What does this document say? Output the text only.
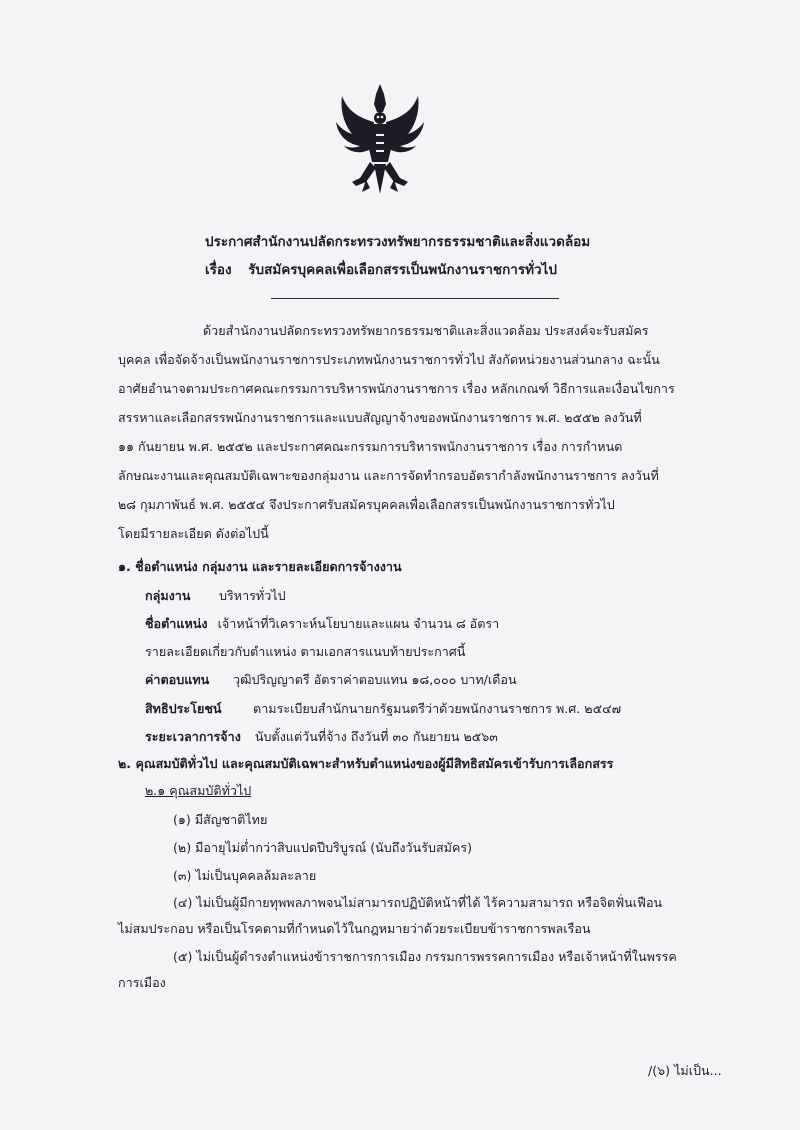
ประกาศสำนักงานปลัดกระทรวงทรัพยากรธรรมชาติและสิ่งแวดล้อม
เรื่อง รับสมัครบุคคลเพื่อเลือกสรรเป็นพนักงานราชการทั่วไป
ด้วยสำนักงานปลัดกระทรวงทรัพยากรธรรมชาติและสิ่งแวดล้อม ประสงค์จะรับสมัคร
บุคคล เพื่อจัดจ้างเป็นพนักงานราชการประเภทพนักงานราชการทั่วไป สังกัดหน่วยงานส่วนกลาง ฉะนั้น
อาศัยอำนาจตามประกาศคณะกรรมการบริหารพนักงานราชการ เรื่อง หลักเกณฑ์ วิธีการและเงื่อนไขการ
สรรหาและเลือกสรรพนักงานราชการและแบบสัญญาจ้างของพนักงานราชการ พ.ศ. ๒๕๕๒ ลงวันที่
๑๑ กันยายน พ.ศ. ๒๕๕๒ และประกาศคณะกรรมการบริหารพนักงานราชการ เรื่อง การกำหนด
ลักษณะงานและคุณสมบัติเฉพาะของกลุ่มงาน และการจัดทำกรอบอัตรากำลังพนักงานราชการ ลงวันที่
๒๘ กุมภาพันธ์ พ.ศ. ๒๕๕๔ จึงประกาศรับสมัครบุคคลเพื่อเลือกสรรเป็นพนักงานราชการทั่วไป
โดยมีรายละเอียด ดังต่อไปนี้
๑. ชื่อตำแหน่ง กลุ่มงาน และรายละเอียดการจ้างงาน
กลุ่มงาน บริหารทั่วไป
ชื่อตำแหน่ง เจ้าหน้าที่วิเคราะห์นโยบายและแผน จำนวน ๘ อัตรา
รายละเอียดเกี่ยวกับตำแหน่ง ตามเอกสารแนบท้ายประกาศนี้
ค่าตอบแทน วุฒิปริญญาตรี อัตราค่าตอบแทน ๑๘,๐๐๐ บาท/เดือน
สิทธิประโยชน์	ตามระเบียบสำนักนายกรัฐมนตรีว่าด้วยพนักงานราชการ พ.ศ. ๒๕๔๗
ระยะเวลาการจ้าง นับตั้งแต่วันที่จ้าง ถึงวันที่ ๓๐ กันยายน ๒๕๖๓
๒. คุณสมบัติทั่วไป และคุณสมบัติเฉพาะสำหรับตำแหน่งของผู้มีสิทธิสมัครเข้ารับการเลือกสรร
๒.๑ คุณสมบัติทั่วไป
(๑) มีสัญชาติไทย
(๒) มีอายุไม่ต่ำกว่าสิบแปดปีบริบูรณ์ (นับถึงวันรับสมัคร)
(๓) ไม่เป็นบุคคลล้มละลาย
(๔) ไม่เป็นผู้มีกายทุพพลภาพจนไม่สามารถปฏิบัติหน้าที่ได้ ไร้ความสามารถ หรือจิตฟั่นเฟือน
ไม่สมประกอบ หรือเป็นโรคตามที่กำหนดไว้ในกฎหมายว่าด้วยระเบียบข้าราชการพลเรือน
(๕) ไม่เป็นผู้ดำรงตำแหน่งข้าราชการการเมือง กรรมการพรรคการเมือง หรือเจ้าหน้าที่ในพรรค
การเมือง
/(๖) ไม่เป็น...
